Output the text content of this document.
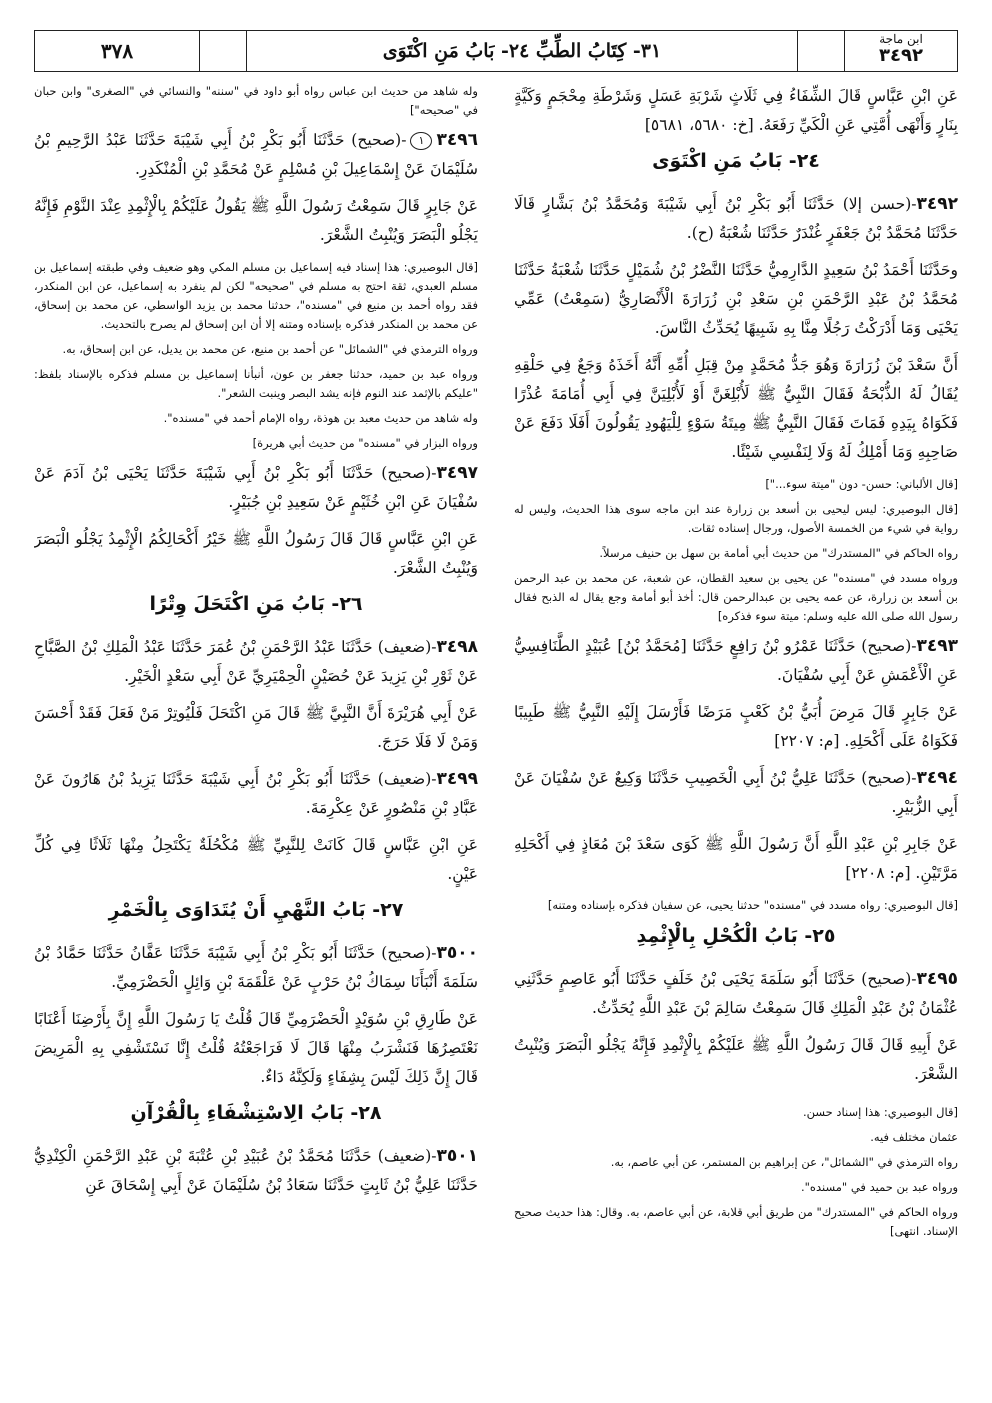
ابن ماجة
٣٤٩٢
٣١- كِتَابُ الطِّبِّ ٢٤- بَابُ مَنِ اكْتَوَى
٣٧٨

عَنِ ابْنِ عَبَّاسٍ قَالَ الشِّفَاءُ فِي ثَلَاثٍ شَرْبَةِ عَسَلٍ وَشَرْطَةِ مِحْجَمٍ وَكَيَّةٍ بِنَارٍ وَأَنْهَى أُمَّتِي عَنِ الْكَيِّ رَفَعَهُ. [خ: ٥٦٨٠، ٥٦٨١]

٢٤- بَابُ مَنِ اكْتَوَى

٣٤٩٢-(حسن إلا) حَدَّثَنَا أَبُو بَكْرِ بْنُ أَبِي شَيْبَةَ وَمُحَمَّدُ بْنُ بَشَّارٍ قَالَا حَدَّثَنَا مُحَمَّدُ بْنُ جَعْفَرٍ غُنْدَرٌ حَدَّثَنَا شُعْبَةُ (ح).

وحَدَّثَنَا أَحْمَدُ بْنُ سَعِيدٍ الدَّارِمِيُّ حَدَّثَنَا النَّضْرُ بْنُ شُمَيْلٍ حَدَّثَنَا شُعْبَةُ حَدَّثَنَا مُحَمَّدُ بْنُ عَبْدِ الرَّحْمَنِ بْنِ سَعْدِ بْنِ زُرَارَةَ الْأَنْصَارِيُّ (سَمِعْتُ) عَمِّي يَحْيَى وَمَا أَدْرَكْتُ رَجُلًا مِنَّا بِهِ شَبِيهًا يُحَدِّثُ النَّاسَ.

أَنَّ سَعْدَ بْنَ زُرَارَةَ وَهُوَ جَدُّ مُحَمَّدٍ مِنْ قِبَلِ أُمِّهِ أَنَّهُ أَخَذَهُ وَجَعٌ فِي حَلْقِهِ يُقَالُ لَهُ الذُّبْحَةُ فَقَالَ النَّبِيُّ ﷺ لَأُبْلِغَنَّ أَوْ لَأُبْلِيَنَّ فِي أَبِي أُمَامَةَ عُذْرًا فَكَوَاهُ بِيَدِهِ فَمَاتَ فَقَالَ النَّبِيُّ ﷺ مِيتَةُ سَوْءٍ لِلْيَهُودِ يَقُولُونَ أَفَلَا دَفَعَ عَنْ صَاحِبِهِ وَمَا أَمْلِكُ لَهُ وَلَا لِنَفْسِي شَيْئًا.

[قال الألباني: حسن- دون "ميتة سوء..."]

[قال البوصيري: ليس ليحيى بن أسعد بن زرارة عند ابن ماجه سوى هذا الحديث، وليس له رواية في شيء من الخمسة الأصول، ورجال إسناده ثقات.

رواه الحاكم في "المستدرك" من حديث أبي أمامة بن سهل بن حنيف مرسلاً.

ورواه مسدد في "مسنده" عن يحيى بن سعيد القطان، عن شعبة، عن محمد بن عبد الرحمن بن أسعد بن زرارة، عن عمه يحيى بن عبدالرحمن قال: أخذ أبو أمامة وجع يقال له الذبح فقال رسول الله صلى الله عليه وسلم: ميتة سوء فذكره]

٣٤٩٣-(صحيح) حَدَّثَنَا عَمْرُو بْنُ رَافِعٍ حَدَّثَنَا [مُحَمَّدُ بْنُ] عُبَيْدٍ الطَّنَافِسِيُّ عَنِ الْأَعْمَشِ عَنْ أَبِي سُفْيَانَ.

عَنْ جَابِرٍ قَالَ مَرِضَ أُبَيُّ بْنُ كَعْبٍ مَرَضًا فَأَرْسَلَ إِلَيْهِ النَّبِيُّ ﷺ طَبِيبًا فَكَوَاهُ عَلَى أَكْحَلِهِ. [م: ٢٢٠٧]

٣٤٩٤-(صحيح) حَدَّثَنَا عَلِيُّ بْنُ أَبِي الْخَصِيبِ حَدَّثَنَا وَكِيعٌ عَنْ سُفْيَانَ عَنْ أَبِي الزُّبَيْرِ.

عَنْ جَابِرِ بْنِ عَبْدِ اللَّهِ أَنَّ رَسُولَ اللَّهِ ﷺ كَوَى سَعْدَ بْنَ مُعَاذٍ فِي أَكْحَلِهِ مَرَّتَيْنِ. [م: ٢٢٠٨]

[قال البوصيري: رواه مسدد في "مسنده" حدثنا يحيى، عن سفيان فذكره بإسناده ومتنه]

٢٥- بَابُ الْكُحْلِ بِالْإِثْمِدِ

٣٤٩٥-(صحيح) حَدَّثَنَا أَبُو سَلَمَةَ يَحْيَى بْنُ خَلَفٍ حَدَّثَنَا أَبُو عَاصِمٍ حَدَّثَنِي عُثْمَانُ بْنُ عَبْدِ الْمَلِكِ قَالَ سَمِعْتُ سَالِمَ بْنَ عَبْدِ اللَّهِ يُحَدِّثُ.

عَنْ أَبِيهِ قَالَ قَالَ رَسُولُ اللَّهِ ﷺ عَلَيْكُمْ بِالْإِثْمِدِ فَإِنَّهُ يَجْلُو الْبَصَرَ وَيُنْبِتُ الشَّعْرَ.

[قال البوصيري: هذا إسناد حسن.

عثمان مختلف فيه.

رواه الترمذي في "الشمائل"، عن إبراهيم بن المستمر، عن أبي عاصم، به.

ورواه عبد بن حميد في "مسنده".

ورواه الحاكم في "المستدرك" من طريق أبي قلابة، عن أبي عاصم، به. وقال: هذا حديث صحيح الإسناد. انتهى]

وله شاهد من حديث ابن عباس رواه أبو داود في "سننه" والنسائي في "الصغرى" وابن حبان في "صحيحه"]

٣٤٩٦١-(صحيح) حَدَّثَنَا أَبُو بَكْرِ بْنُ أَبِي شَيْبَةَ حَدَّثَنَا عَبْدُ الرَّحِيمِ بْنُ سُلَيْمَانَ عَنْ إِسْمَاعِيلَ بْنِ مُسْلِمٍ عَنْ مُحَمَّدِ بْنِ الْمُنْكَدِرِ.

عَنْ جَابِرٍ قَالَ سَمِعْتُ رَسُولَ اللَّهِ ﷺ يَقُولُ عَلَيْكُمْ بِالْإِثْمِدِ عِنْدَ النَّوْمِ فَإِنَّهُ يَجْلُو الْبَصَرَ وَيُنْبِتُ الشَّعْرَ.

[قال البوصيري: هذا إسناد فيه إسماعيل بن مسلم المكي وهو ضعيف وفي طبقته إسماعيل بن مسلم العبدي، ثقة احتج به مسلم في "صحيحه" لكن لم ينفرد به إسماعيل، عن ابن المنكدر، فقد رواه أحمد بن منيع في "مسنده"، حدثنا محمد بن يزيد الواسطي، عن محمد بن إسحاق، عن محمد بن المنكدر فذكره بإسناده ومتنه إلا أن ابن إسحاق لم يصرح بالتحديث.

ورواه الترمذي في "الشمائل" عن أحمد بن منيع، عن محمد بن يديل، عن ابن إسحاق، به.

ورواه عبد بن حميد، حدثنا جعفر بن عون، أنبأنا إسماعيل بن مسلم فذكره بالإسناد بلفظ: "عليكم بالإثمد عند النوم فإنه يشد البصر وينبت الشعر".

وله شاهد من حديث معبد بن هوذة، رواه الإمام أحمد في "مسنده".

ورواه البزار في "مسنده" من حديث أبي هريرة]

٣٤٩٧-(صحيح) حَدَّثَنَا أَبُو بَكْرِ بْنُ أَبِي شَيْبَةَ حَدَّثَنَا يَحْيَى بْنُ آدَمَ عَنْ سُفْيَانَ عَنِ ابْنِ خُثَيْمٍ عَنْ سَعِيدِ بْنِ جُبَيْرٍ.

عَنِ ابْنِ عَبَّاسٍ قَالَ قَالَ رَسُولُ اللَّهِ ﷺ خَيْرُ أَكْحَالِكُمُ الْإِثْمِدُ يَجْلُو الْبَصَرَ وَيُنْبِتُ الشَّعْرَ.

٢٦- بَابُ مَنِ اكْتَحَلَ وِتْرًا

٣٤٩٨-(ضعيف) حَدَّثَنَا عَبْدُ الرَّحْمَنِ بْنُ عُمَرَ حَدَّثَنَا عَبْدُ الْمَلِكِ بْنُ الصَّبَّاحِ عَنْ ثَوْرِ بْنِ يَزِيدَ عَنْ حُصَيْنٍ الْحِمْيَرِيِّ عَنْ أَبِي سَعْدٍ الْخَيْرِ.

عَنْ أَبِي هُرَيْرَةَ أَنَّ النَّبِيَّ ﷺ قَالَ مَنِ اكْتَحَلَ فَلْيُوتِرْ مَنْ فَعَلَ فَقَدْ أَحْسَنَ وَمَنْ لَا فَلَا حَرَجَ.

٣٤٩٩-(ضعيف) حَدَّثَنَا أَبُو بَكْرِ بْنُ أَبِي شَيْبَةَ حَدَّثَنَا يَزِيدُ بْنُ هَارُونَ عَنْ عَبَّادِ بْنِ مَنْصُورٍ عَنْ عِكْرِمَةَ.

عَنِ ابْنِ عَبَّاسٍ قَالَ كَانَتْ لِلنَّبِيِّ ﷺ مُكْحُلَةٌ يَكْتَحِلُ مِنْهَا ثَلَاثًا فِي كُلِّ عَيْنٍ.

٢٧- بَابُ النَّهْيِ أَنْ يُتَدَاوَى بِالْخَمْرِ

٣٥٠٠-(صحيح) حَدَّثَنَا أَبُو بَكْرِ بْنُ أَبِي شَيْبَةَ حَدَّثَنَا عَفَّانُ حَدَّثَنَا حَمَّادُ بْنُ سَلَمَةَ أَنْبَأَنَا سِمَاكُ بْنُ حَرْبٍ عَنْ عَلْقَمَةَ بْنِ وَائِلٍ الْحَضْرَمِيِّ.

عَنْ طَارِقِ بْنِ سُوَيْدٍ الْحَضْرَمِيِّ قَالَ قُلْتُ يَا رَسُولَ اللَّهِ إِنَّ بِأَرْضِنَا أَعْنَابًا نَعْتَصِرُهَا فَنَشْرَبُ مِنْهَا قَالَ لَا فَرَاجَعْتُهُ قُلْتُ إِنَّا نَسْتَشْفِي بِهِ الْمَرِيضَ قَالَ إِنَّ ذَلِكَ لَيْسَ بِشِفَاءٍ وَلَكِنَّهُ دَاءٌ.

٢٨- بَابُ الِاسْتِشْفَاءِ بِالْقُرْآنِ

٣٥٠١-(ضعيف) حَدَّثَنَا مُحَمَّدُ بْنُ عُبَيْدِ بْنِ عُتْبَةَ بْنِ عَبْدِ الرَّحْمَنِ الْكِنْدِيُّ حَدَّثَنَا عَلِيُّ بْنُ ثَابِتٍ حَدَّثَنَا سَعَادُ بْنُ سُلَيْمَانَ عَنْ أَبِي إِسْحَاقَ عَنِ
